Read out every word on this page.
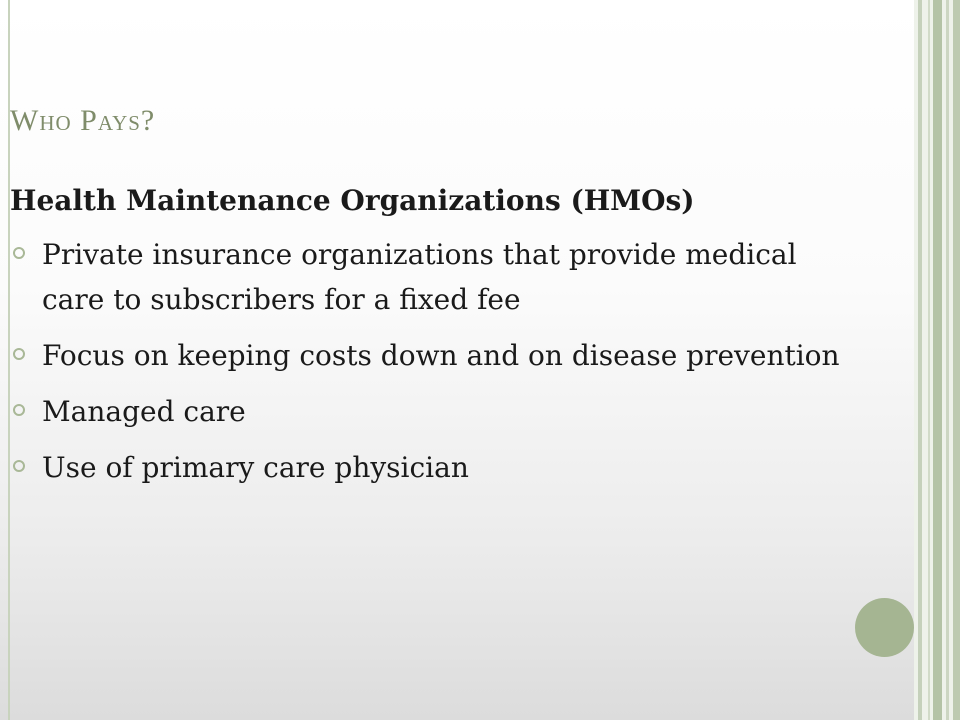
Who Pays?

Health Maintenance Organizations (HMOs)

Private insurance organizations that provide medical care to subscribers for a fixed fee
Focus on keeping costs down and on disease prevention
Managed care
Use of primary care physician
